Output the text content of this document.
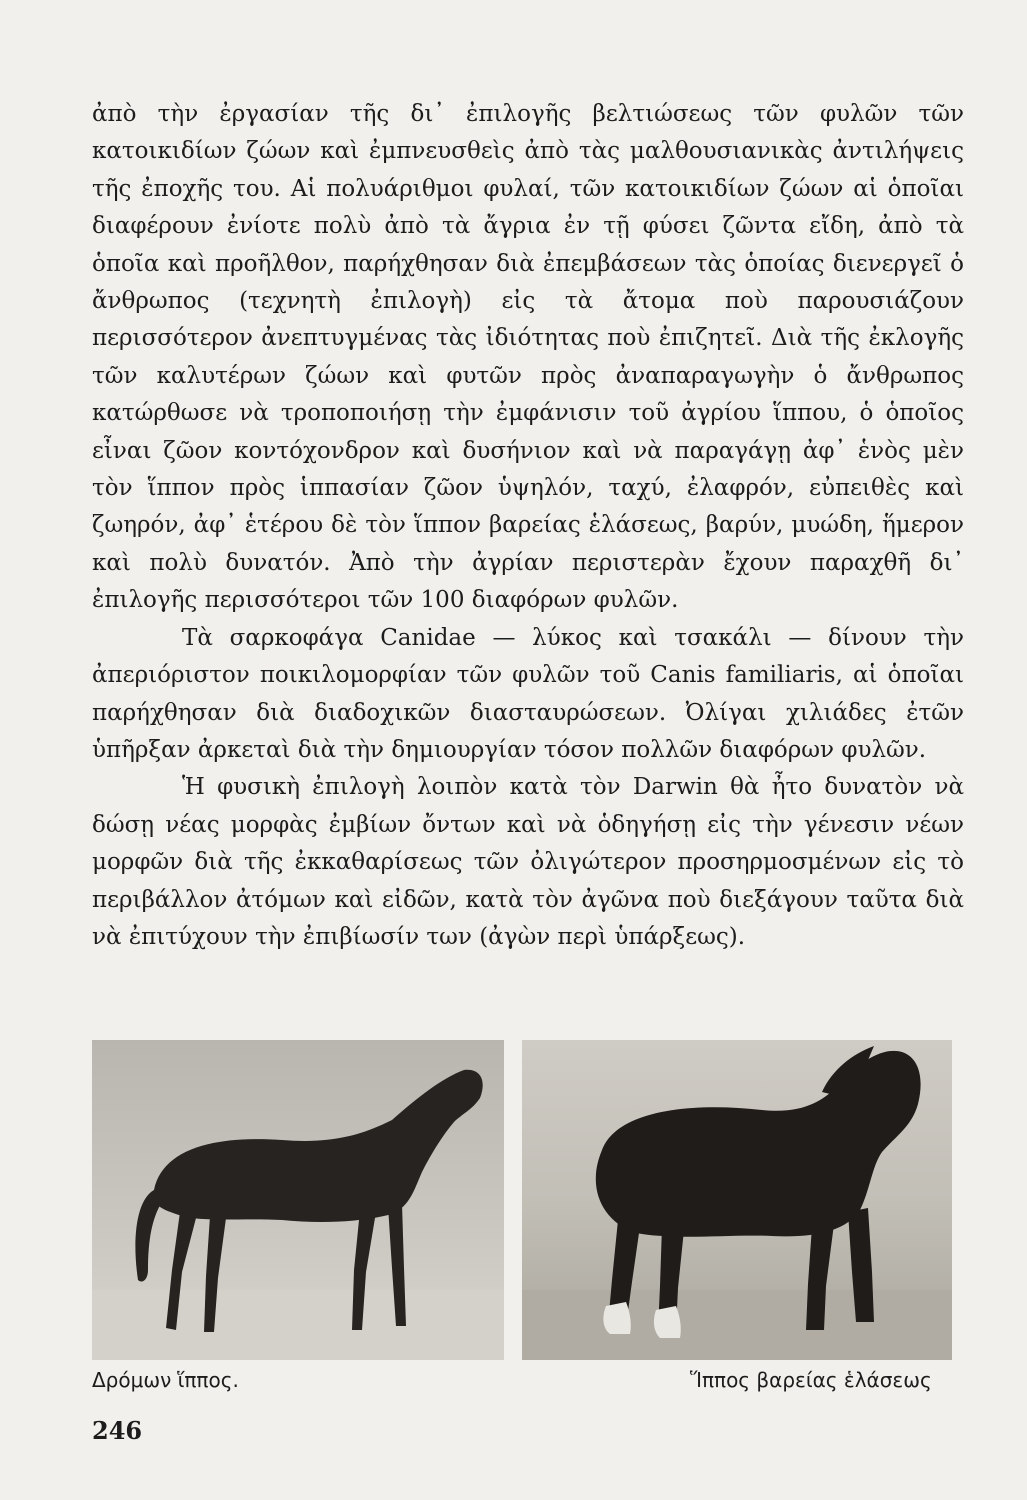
ἀπὸ τὴν ἐργασίαν τῆς δι᾽ ἐπιλογῆς βελτιώσεως τῶν φυλῶν τῶν κατοικιδίων ζώων καὶ ἐμπνευσθεὶς ἀπὸ τὰς μαλθουσιανικὰς ἀντιλήψεις τῆς ἐποχῆς του. Αἱ πολυάριθμοι φυλαί, τῶν κατοικιδίων ζώων αἱ ὁποῖαι διαφέρουν ἐνίοτε πολὺ ἀπὸ τὰ ἄγρια ἐν τῇ φύσει ζῶντα εἴδη, ἀπὸ τὰ ὁποῖα καὶ προῆλθον, παρήχθησαν διὰ ἐπεμβάσεων τὰς ὁποίας διενεργεῖ ὁ ἄνθρωπος (τεχνητὴ ἐπιλογὴ) εἰς τὰ ἄτομα ποὺ παρουσιάζουν περισσότερον ἀνεπτυγμένας τὰς ἰδιότητας ποὺ ἐπιζητεῖ. Διὰ τῆς ἐκλογῆς τῶν καλυτέρων ζώων καὶ φυτῶν πρὸς ἀναπαραγωγὴν ὁ ἄνθρωπος κατώρθωσε νὰ τροποποιήσῃ τὴν ἐμφάνισιν τοῦ ἀγρίου ἵππου, ὁ ὁποῖος εἶναι ζῶον κοντόχονδρον καὶ δυσήνιον καὶ νὰ παραγάγῃ ἀφ᾽ ἑνὸς μὲν τὸν ἵππον πρὸς ἱππασίαν ζῶον ὑψηλόν, ταχύ, ἐλαφρόν, εὐπειθὲς καὶ ζωηρόν, ἀφ᾽ ἑτέρου δὲ τὸν ἵππον βαρείας ἑλάσεως, βαρύν, μυώδη, ἥμερον καὶ πολὺ δυνατόν. Ἀπὸ τὴν ἀγρίαν περιστερὰν ἔχουν παραχθῆ δι᾽ ἐπιλογῆς περισσότεροι τῶν 100 διαφόρων φυλῶν.

Τὰ σαρκοφάγα Canidae — λύκος καὶ τσακάλι — δίνουν τὴν ἀπεριόριστον ποικιλομορφίαν τῶν φυλῶν τοῦ Canis familiaris, αἱ ὁποῖαι παρήχθησαν διὰ διαδοχικῶν διασταυρώσεων. Ὀλίγαι χιλιάδες ἐτῶν ὑπῆρξαν ἀρκεταὶ διὰ τὴν δημιουργίαν τόσον πολλῶν διαφόρων φυλῶν.

Ἡ φυσικὴ ἐπιλογὴ λοιπὸν κατὰ τὸν Darwin θὰ ἦτο δυνατὸν νὰ δώσῃ νέας μορφὰς ἐμβίων ὄντων καὶ νὰ ὁδηγήσῃ εἰς τὴν γένεσιν νέων μορφῶν διὰ τῆς ἐκκαθαρίσεως τῶν ὀλιγώτερον προσηρμοσμένων εἰς τὸ περιβάλλον ἀτόμων καὶ εἰδῶν, κατὰ τὸν ἀγῶνα ποὺ διεξάγουν ταῦτα διὰ νὰ ἐπιτύχουν τὴν ἐπιβίωσίν των (ἀγὼν περὶ ὑπάρξεως).

Δρόμων ἵππος.	Ἵππος βαρείας ἑλάσεως
246
